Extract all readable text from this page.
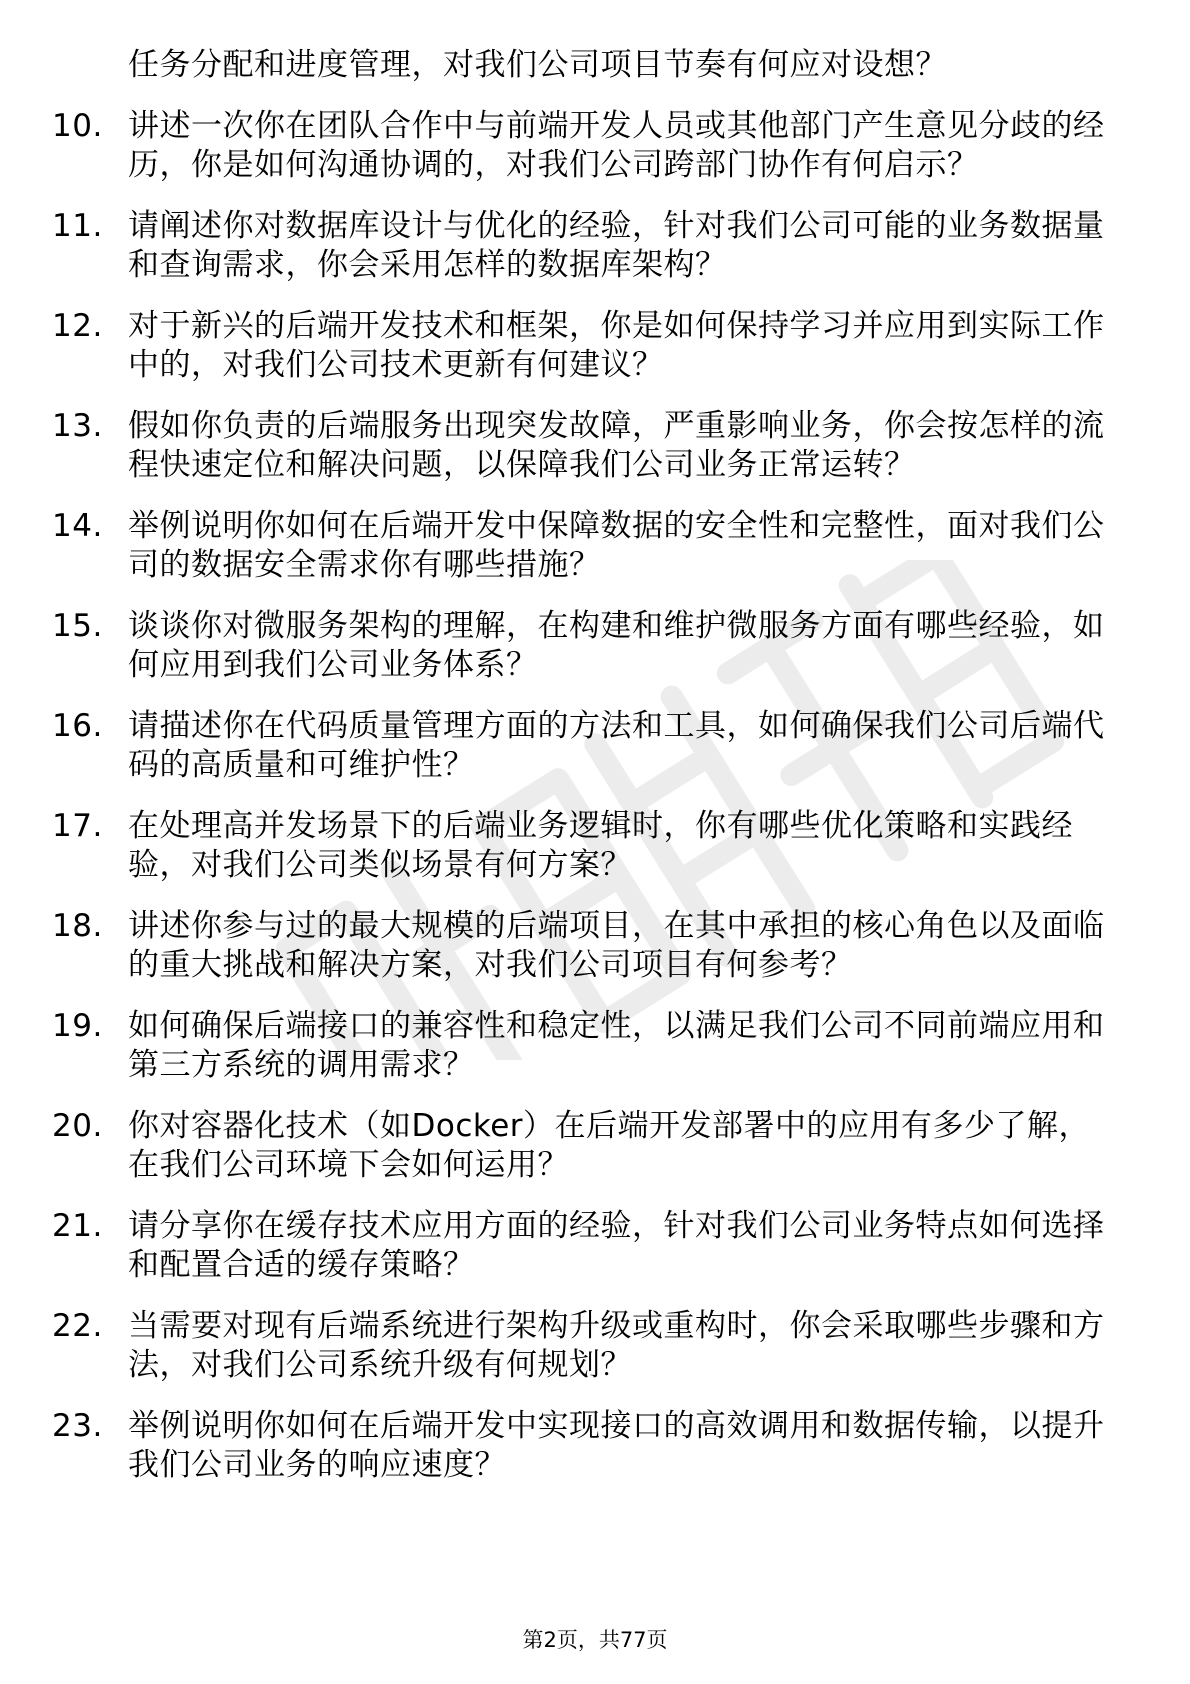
任务分配和进度管理，对我们公司项目节奏有何应对设想？

10. 讲述一次你在团队合作中与前端开发人员或其他部门产生意见分歧的经历，你是如何沟通协调的，对我们公司跨部门协作有何启示？

11. 请阐述你对数据库设计与优化的经验，针对我们公司可能的业务数据量和查询需求，你会采用怎样的数据库架构？

12. 对于新兴的后端开发技术和框架，你是如何保持学习并应用到实际工作中的，对我们公司技术更新有何建议？

13. 假如你负责的后端服务出现突发故障，严重影响业务，你会按怎样的流程快速定位和解决问题，以保障我们公司业务正常运转？

14. 举例说明你如何在后端开发中保障数据的安全性和完整性，面对我们公司的数据安全需求你有哪些措施？

15. 谈谈你对微服务架构的理解，在构建和维护微服务方面有哪些经验，如何应用到我们公司业务体系？

16. 请描述你在代码质量管理方面的方法和工具，如何确保我们公司后端代码的高质量和可维护性？

17. 在处理高并发场景下的后端业务逻辑时，你有哪些优化策略和实践经验，对我们公司类似场景有何方案？

18. 讲述你参与过的最大规模的后端项目，在其中承担的核心角色以及面临的重大挑战和解决方案，对我们公司项目有何参考？

19. 如何确保后端接口的兼容性和稳定性，以满足我们公司不同前端应用和第三方系统的调用需求？

20. 你对容器化技术（如Docker）在后端开发部署中的应用有多少了解，在我们公司环境下会如何运用？

21. 请分享你在缓存技术应用方面的经验，针对我们公司业务特点如何选择和配置合适的缓存策略？

22. 当需要对现有后端系统进行架构升级或重构时，你会采取哪些步骤和方法，对我们公司系统升级有何规划？

23. 举例说明你如何在后端开发中实现接口的高效调用和数据传输，以提升我们公司业务的响应速度？

第2页，共77页
